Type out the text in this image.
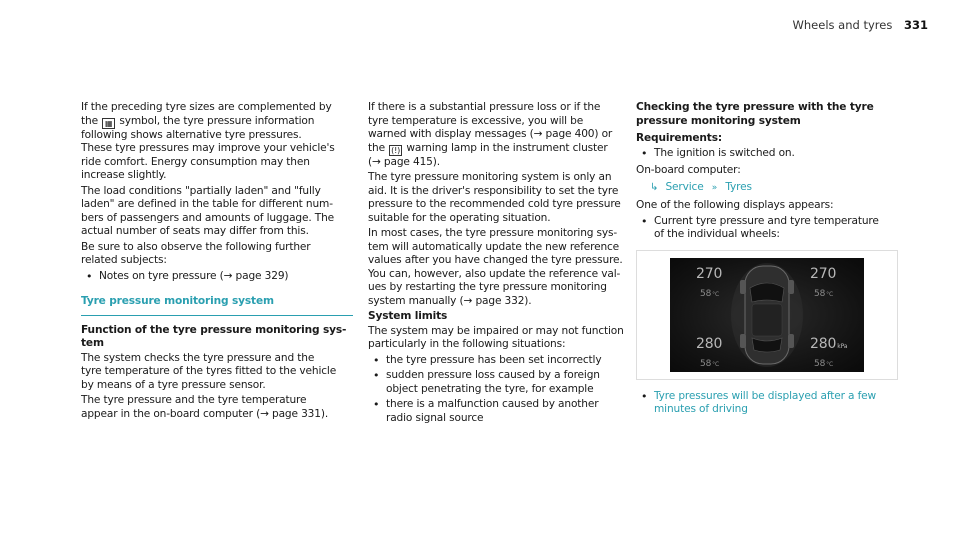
Wheels and tyres 331

If the preceding tyre sizes are complemented by
the ▦ symbol, the tyre pressure information
following shows alternative tyre pressures.
These tyre pressures may improve your vehicle's
ride comfort. Energy consumption may then
increase slightly.

The load conditions "partially laden" and "fully
laden" are defined in the table for different num-
bers of passengers and amounts of luggage. The
actual number of seats may differ from this.

Be sure to also observe the following further
related subjects:

• Notes on tyre pressure (→ page 329)
Tyre pressure monitoring system
Function of the tyre pressure monitoring sys-
tem

The system checks the tyre pressure and the
tyre temperature of the tyres fitted to the vehicle
by means of a tyre pressure sensor.

The tyre pressure and the tyre temperature
appear in the on-board computer (→ page 331).

If there is a substantial pressure loss or if the
tyre temperature is excessive, you will be
warned with display messages (→ page 400) or
the (!) warning lamp in the instrument cluster
(→ page 415).

The tyre pressure monitoring system is only an
aid. It is the driver's responsibility to set the tyre
pressure to the recommended cold tyre pressure
suitable for the operating situation.

In most cases, the tyre pressure monitoring sys-
tem will automatically update the new reference
values after you have changed the tyre pressure.
You can, however, also update the reference val-
ues by restarting the tyre pressure monitoring
system manually (→ page 332).

System limits

The system may be impaired or may not function
particularly in the following situations:

• the tyre pressure has been set incorrectly
• sudden pressure loss caused by a foreign
object penetrating the tyre, for example
• there is a malfunction caused by another
radio signal source
Checking the tyre pressure with the tyre
pressure monitoring system
Requirements:
• The ignition is switched on.

On-board computer:

↳ Service » Tyres

One of the following displays appears:

• Current tyre pressure and tyre temperature
of the individual wheels:
270
58°C
270
58°C
280
58°C
280kPa
58°C
• Tyre pressures will be displayed after a few
minutes of driving
